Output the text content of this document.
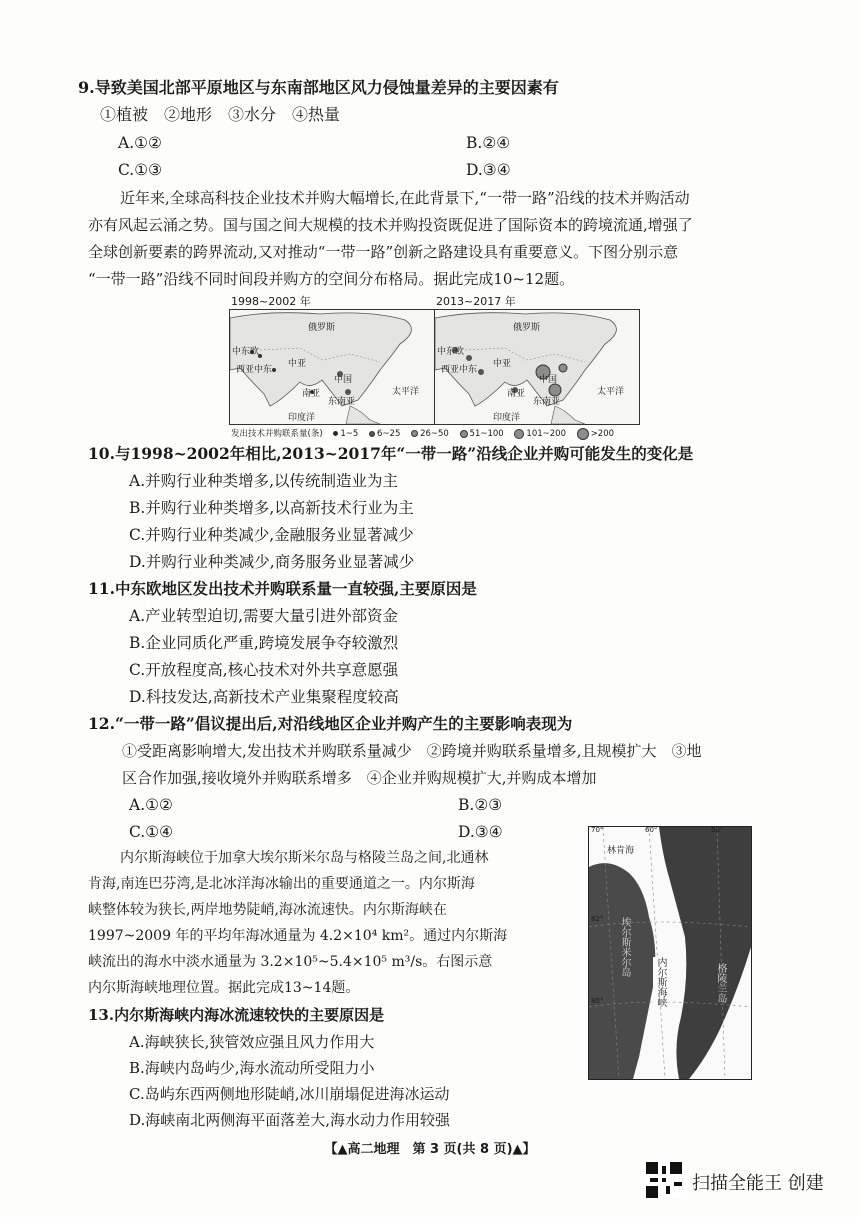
9.导致美国北部平原地区与东南部地区风力侵蚀量差异的主要因素有
①植被　②地形　③水分　④热量
A.①②	B.②④
C.①③	D.③④
近年来,全球高科技企业技术并购大幅增长,在此背景下,“一带一路”沿线的技术并购活动
亦有风起云涌之势。国与国之间大规模的技术并购投资既促进了国际资本的跨境流通,增强了
全球创新要素的跨界流动,又对推动“一带一路”创新之路建设具有重要意义。下图分别示意
“一带一路”沿线不同时间段并购方的空间分布格局。据此完成10~12题。
1998~2002 年	2013~2017 年
俄罗斯
中东欧
中亚
西亚中东
中国
南亚
东南亚
太平洋
印度洋
俄罗斯
中东欧
中亚
西亚中东
中国
南亚
东南亚
太平洋
印度洋
发出技术并购联系量(条) 1~5 6~25 26~50 51~100	101~200	>200
10.与1998~2002年相比,2013~2017年“一带一路”沿线企业并购可能发生的变化是
A.并购行业种类增多,以传统制造业为主
B.并购行业种类增多,以高新技术行业为主
C.并购行业种类减少,金融服务业显著减少
D.并购行业种类减少,商务服务业显著减少
11.中东欧地区发出技术并购联系量一直较强,主要原因是
A.产业转型迫切,需要大量引进外部资金
B.企业同质化严重,跨境发展争夺较激烈
C.开放程度高,核心技术对外共享意愿强
D.科技发达,高新技术产业集聚程度较高
12.“一带一路”倡议提出后,对沿线地区企业并购产生的主要影响表现为
①受距离影响增大,发出技术并购联系量减少　②跨境并购联系量增多,且规模扩大　③地
区合作加强,接收境外并购联系增多　④企业并购规模扩大,并购成本增加
A.①②	B.②③
C.①④	D.③④
内尔斯海峡位于加拿大埃尔斯米尔岛与格陵兰岛之间,北通林
肯海,南连巴芬湾,是北冰洋海冰输出的重要通道之一。内尔斯海
峡整体较为狭长,两岸地势陡峭,海冰流速快。内尔斯海峡在
1997~2009 年的平均年海冰通量为 4.2×10⁴ km²。通过内尔斯海
峡流出的海水中淡水通量为 3.2×10⁵~5.4×10⁵ m³/s。右图示意
内尔斯海峡地理位置。据此完成13~14题。
70°	60°	50°
82°
80°
林肯海
埃尔斯米尔岛
内尔斯海峡	格陵兰岛
13.内尔斯海峡内海冰流速较快的主要原因是
A.海峡狭长,狭管效应强且风力作用大
B.海峡内岛屿少,海水流动所受阻力小
C.岛屿东西两侧地形陡峭,冰川崩塌促进海冰运动
D.海峡南北两侧海平面落差大,海水动力作用较强
【▲高二地理　第 3 页(共 8 页)▲】
扫描全能王 创建
